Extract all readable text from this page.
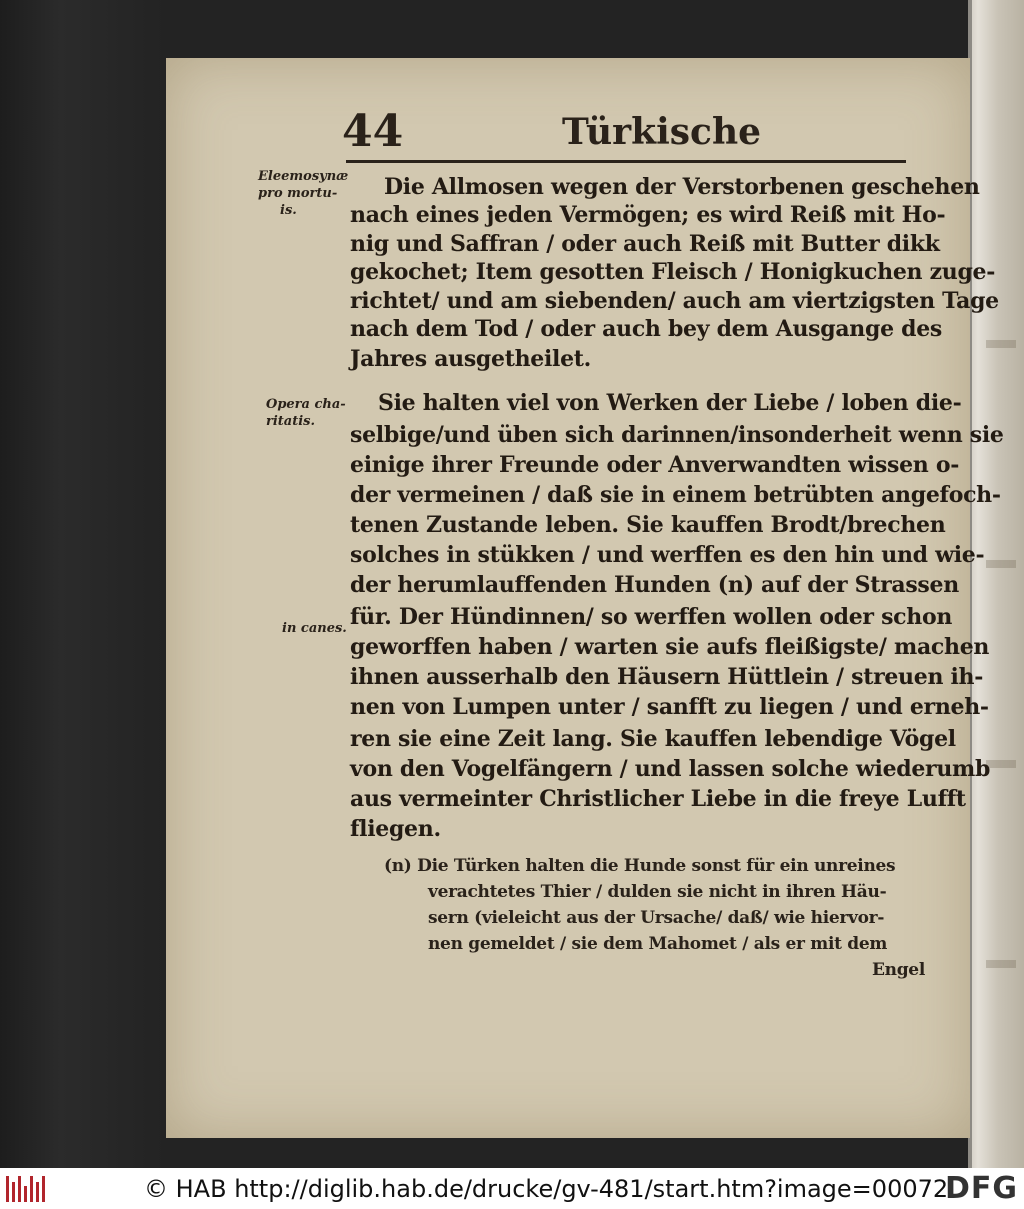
44	Türkische
Eleemosynæ
pro mortu-
is.
Opera cha-
ritatis.
in canes.
Die Allmosen wegen der Verstorbenen geschehen
nach eines jeden Vermögen; es wird Reiß mit Ho-
nig und Saffran / oder auch Reiß mit Butter dikk
gekochet; Item gesotten Fleisch / Honigkuchen zuge-
richtet/ und am siebenden/ auch am viertzigsten Tage
nach dem Tod / oder auch bey dem Ausgange des
Jahres ausgetheilet.
Sie halten viel von Werken der Liebe / loben die-
selbige/und üben sich darinnen/insonderheit wenn sie
einige ihrer Freunde oder Anverwandten wissen o-
der vermeinen / daß sie in einem betrübten angefoch-
tenen Zustande leben. Sie kauffen Brodt/brechen
solches in stükken / und werffen es den hin und wie-
der herumlauffenden Hunden (n) auf der Strassen
für. Der Hündinnen/ so werffen wollen oder schon
geworffen haben / warten sie aufs fleißigste/ machen
ihnen ausserhalb den Häusern Hüttlein / streuen ih-
nen von Lumpen unter / sanfft zu liegen / und erneh-
ren sie eine Zeit lang. Sie kauffen lebendige Vögel
von den Vogelfängern / und lassen solche wiederumb
aus vermeinter Christlicher Liebe in die freye Lufft
fliegen.
(n) Die Türken halten die Hunde sonst für ein unreines
verachtetes Thier / dulden sie nicht in ihren Häu-
sern (vieleicht aus der Ursache/ daß/ wie hiervor-
nen gemeldet / sie dem Mahomet / als er mit dem
Engel
© HAB http://diglib.hab.de/drucke/gv-481/start.htm?image=00072
DFG
